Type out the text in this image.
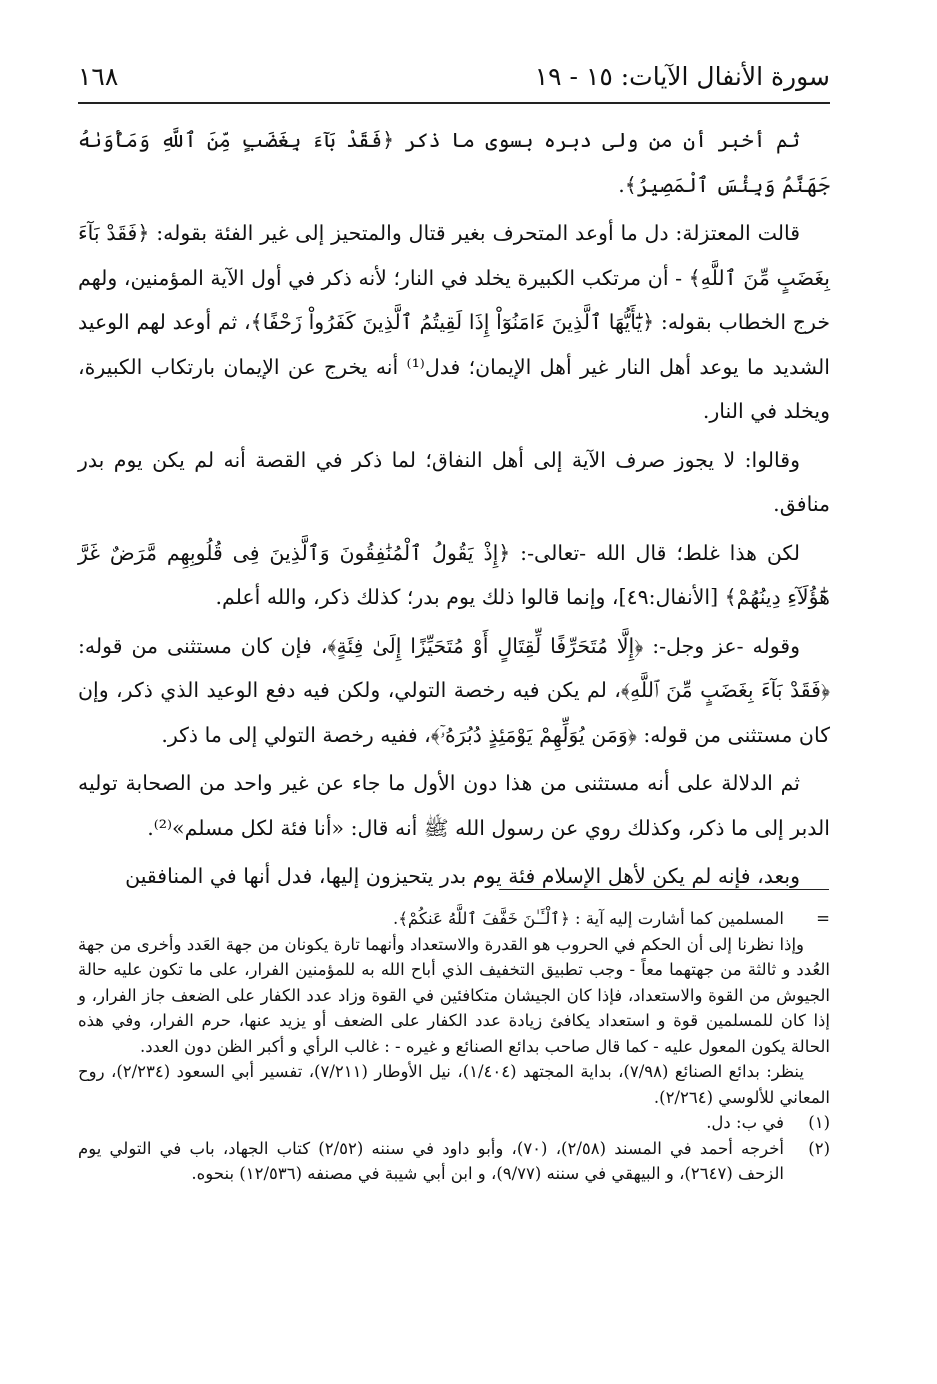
١٦٨	سورة الأنفال الآيات: ١٥ - ١٩

ثم أخبر أن من ولى دبره بسوى ما ذكر ﴿فَقَدْ بَآءَ بِغَضَبٍ مِّنَ ٱللَّهِ وَمَأْوَىٰهُ جَهَنَّمُ وَبِئْسَ ٱلْمَصِيرُ﴾.

قالت المعتزلة: دل ما أوعد المتحرف بغير قتال والمتحيز إلى غير الفئة بقوله: ﴿فَقَدْ بَآءَ بِغَضَبٍ مِّنَ ٱللَّهِ﴾ - أن مرتكب الكبيرة يخلد في النار؛ لأنه ذكر في أول الآية المؤمنين، ولهم خرج الخطاب بقوله: ﴿يَٰٓأَيُّهَا ٱلَّذِينَ ءَامَنُوٓاْ إِذَا لَقِيتُمُ ٱلَّذِينَ كَفَرُواْ زَحْفًا﴾، ثم أوعد لهم الوعيد الشديد ما يوعد أهل النار غير أهل الإيمان؛ فدل⁽¹⁾ أنه يخرج عن الإيمان بارتكاب الكبيرة، ويخلد في النار.

وقالوا: لا يجوز صرف الآية إلى أهل النفاق؛ لما ذكر في القصة أنه لم يكن يوم بدر منافق.

لكن هذا غلط؛ قال الله -تعالى-: ﴿إِذْ يَقُولُ ٱلْمُنَٰفِقُونَ وَٱلَّذِينَ فِى قُلُوبِهِم مَّرَضٌ غَرَّ هَٰٓؤُلَآءِ دِينُهُمْ﴾ [الأنفال:٤٩]، وإنما قالوا ذلك يوم بدر؛ كذلك ذكر، والله أعلم.

وقوله -عز وجل-: ﴿إِلَّا مُتَحَرِّفًا لِّقِتَالٍ أَوْ مُتَحَيِّزًا إِلَىٰ فِئَةٍ﴾، فإن كان مستثنى من قوله: ﴿فَقَدْ بَآءَ بِغَضَبٍ مِّنَ ٱللَّهِ﴾، لم يكن فيه رخصة التولي، ولكن فيه دفع الوعيد الذي ذكر، وإن كان مستثنى من قوله: ﴿وَمَن يُوَلِّهِمْ يَوْمَئِذٍ دُبُرَهُۥٓ﴾، ففيه رخصة التولي إلى ما ذكر.

ثم الدلالة على أنه مستثنى من هذا دون الأول ما جاء عن غير واحد من الصحابة توليه الدبر إلى ما ذكر، وكذلك روي عن رسول الله ﷺ أنه قال: «أنا فئة لكل مسلم»⁽²⁾.

وبعد، فإنه لم يكن لأهل الإسلام فئة يوم بدر يتحيزون إليها، فدل أنها في المنافقين

=
المسلمين كما أشارت إليه آية : ﴿ٱلْـَٔـٰنَ خَفَّفَ ٱللَّهُ عَنكُمْ﴾.

وإذا نظرنا إلى أن الحكم في الحروب هو القدرة والاستعداد وأنهما تارة يكونان من جهة العَدد وأخرى من جهة العُدد و ثالثة من جهتهما معاً - وجب تطبيق التخفيف الذي أباح الله به للمؤمنين الفرار، على ما تكون عليه حالة الجيوش من القوة والاستعداد، فإذا كان الجيشان متكافئين في القوة وزاد عدد الكفار على الضعف جاز الفرار، و إذا كان للمسلمين قوة و استعداد يكافئ زيادة عدد الكفار على الضعف أو يزيد عنها، حرم الفرار، وفي هذه الحالة يكون المعول عليه - كما قال صاحب بدائع الصنائع و غيره - : غالب الرأي و أكبر الظن دون العدد.

ينظر: بدائع الصنائع (٧/٩٨)، بداية المجتهد (١/٤٠٤)، نيل الأوطار (٧/٢١١)، تفسير أبي السعود (٢/٢٣٤)، روح المعاني للألوسي (٢/٢٦٤).

(١)
في ب: دل.
(٢)
أخرجه أحمد في المسند (٢/٥٨)، (٧٠)، وأبو داود في سننه (٢/٥٢) كتاب الجهاد، باب في التولي يوم الزحف (٢٦٤٧)، و البيهقي في سننه (٩/٧٧)، و ابن أبي شيبة في مصنفه (١٢/٥٣٦) بنحوه.
